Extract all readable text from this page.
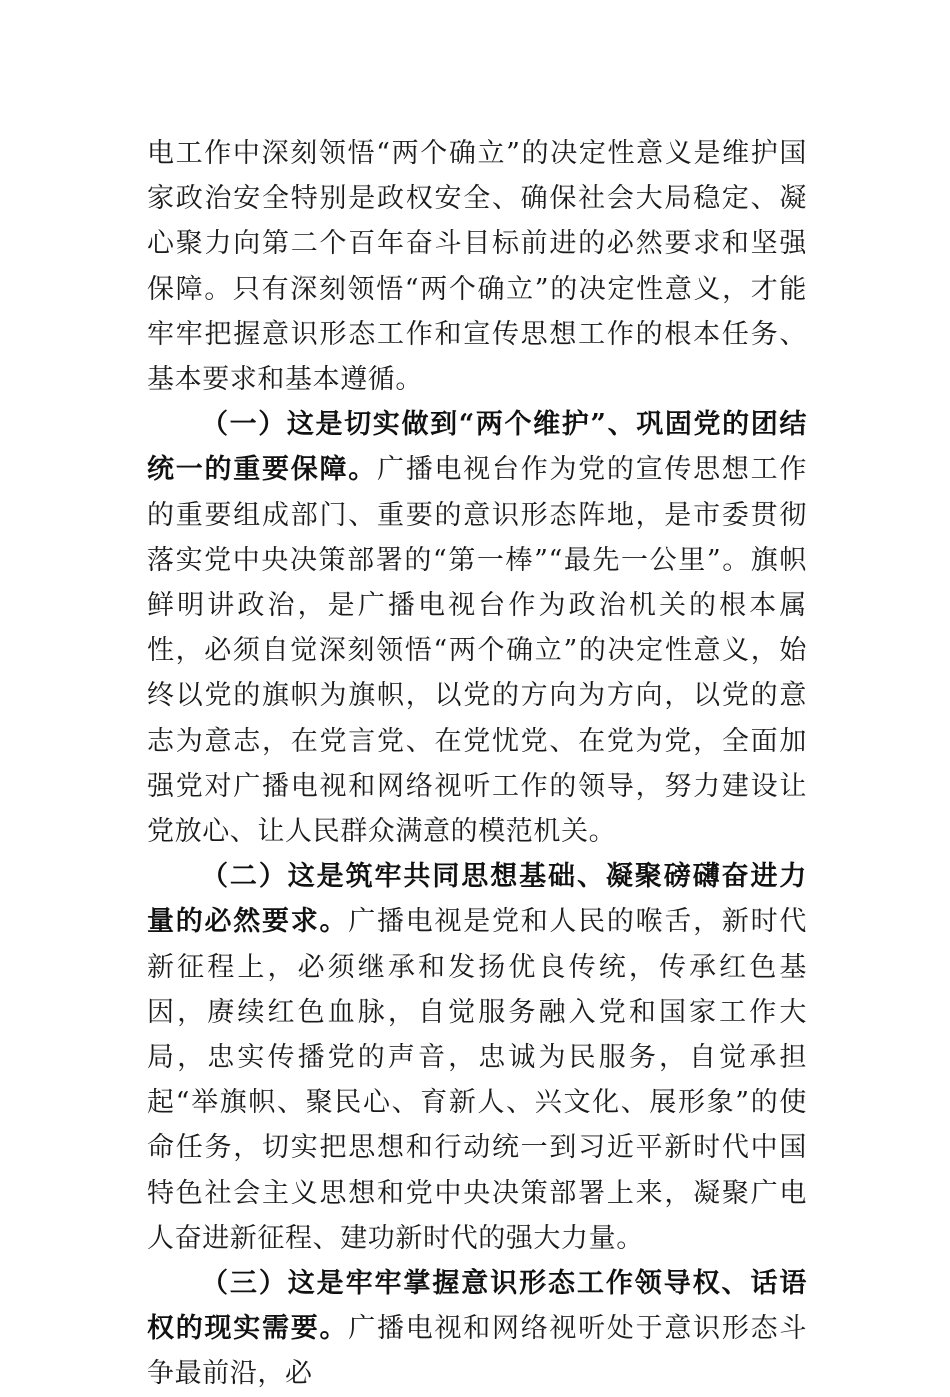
电工作中深刻领悟“两个确立”的决定性意义是维护国家政治安全特别是政权安全、确保社会大局稳定、凝心聚力向第二个百年奋斗目标前进的必然要求和坚强保障。只有深刻领悟“两个确立”的决定性意义，才能牢牢把握意识形态工作和宣传思想工作的根本任务、基本要求和基本遵循。

（一）这是切实做到“两个维护”、巩固党的团结统一的重要保障。广播电视台作为党的宣传思想工作的重要组成部门、重要的意识形态阵地，是市委贯彻落实党中央决策部署的“第一棒”“最先一公里”。旗帜鲜明讲政治，是广播电视台作为政治机关的根本属性，必须自觉深刻领悟“两个确立”的决定性意义，始终以党的旗帜为旗帜，以党的方向为方向，以党的意志为意志，在党言党、在党忧党、在党为党，全面加强党对广播电视和网络视听工作的领导，努力建设让党放心、让人民群众满意的模范机关。

（二）这是筑牢共同思想基础、凝聚磅礴奋进力量的必然要求。广播电视是党和人民的喉舌，新时代新征程上，必须继承和发扬优良传统，传承红色基因，赓续红色血脉，自觉服务融入党和国家工作大局，忠实传播党的声音，忠诚为民服务，自觉承担起“举旗帜、聚民心、育新人、兴文化、展形象”的使命任务，切实把思想和行动统一到习近平新时代中国特色社会主义思想和党中央决策部署上来，凝聚广电人奋进新征程、建功新时代的强大力量。

（三）这是牢牢掌握意识形态工作领导权、话语权的现实需要。广播电视和网络视听处于意识形态斗争最前沿，必
